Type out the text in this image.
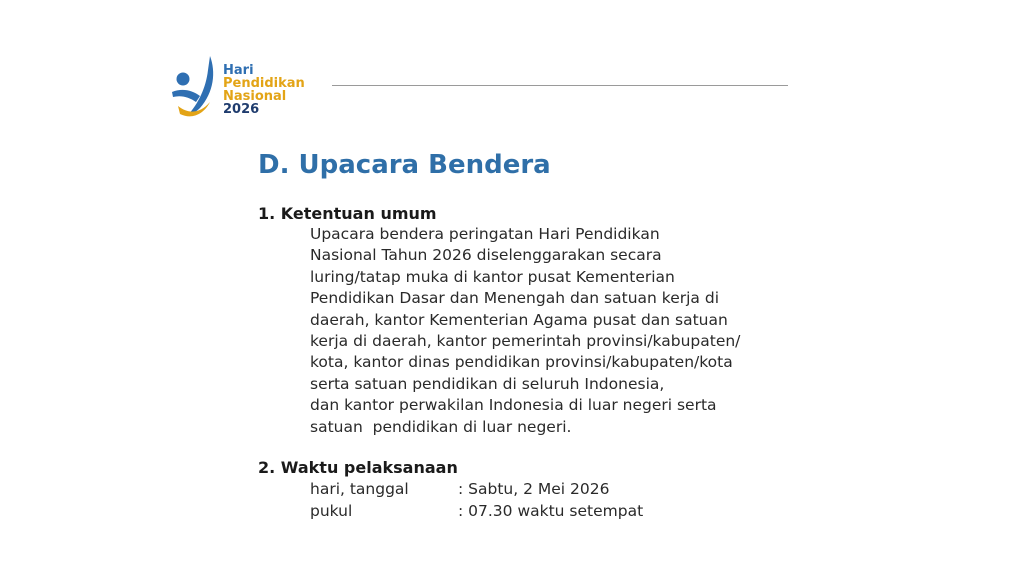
Hari
Pendidikan
Nasional
2026
D. Upacara Bendera
1. Ketentuan umum

Upacara bendera peringatan Hari Pendidikan
Nasional Tahun 2026 diselenggarakan secara
luring/tatap muka di kantor pusat Kementerian
Pendidikan Dasar dan Menengah dan satuan kerja di
daerah, kantor Kementerian Agama pusat dan satuan
kerja di daerah, kantor pemerintah provinsi/kabupaten/
kota, kantor dinas pendidikan provinsi/kabupaten/kota
serta satuan pendidikan di seluruh Indonesia,
dan kantor perwakilan Indonesia di luar negeri serta
satuan  pendidikan di luar negeri.

2. Waktu pelaksanaan
hari, tanggal	: Sabtu, 2 Mei 2026
pukul	: 07.30 waktu setempat
